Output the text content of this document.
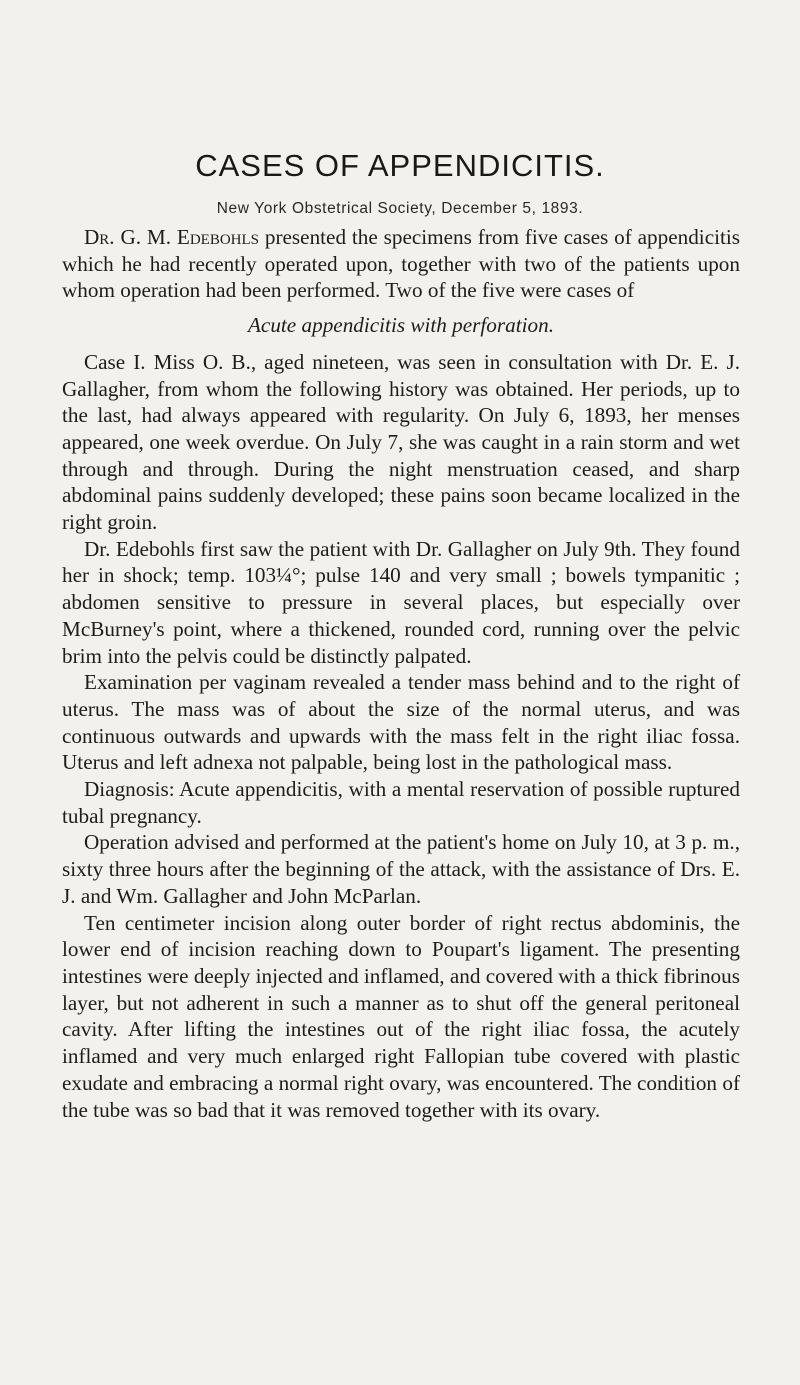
CASES OF APPENDICITIS.
New York Obstetrical Society, December 5, 1893.

Dr. G. M. Edebohls presented the specimens from five cases of appendicitis which he had recently operated upon, together with two of the patients upon whom operation had been performed. Two of the five were cases of

Acute appendicitis with perforation.

Case I. Miss O. B., aged nineteen, was seen in consultation with Dr. E. J. Gallagher, from whom the following history was obtained. Her periods, up to the last, had always appeared with regularity. On July 6, 1893, her menses appeared, one week overdue. On July 7, she was caught in a rain storm and wet through and through. During the night menstruation ceased, and sharp abdominal pains suddenly developed; these pains soon became localized in the right groin.

Dr. Edebohls first saw the patient with Dr. Gallagher on July 9th. They found her in shock; temp. 103¼°; pulse 140 and very small ; bowels tympanitic ; abdomen sensitive to pressure in several places, but especially over McBurney's point, where a thickened, rounded cord, running over the pelvic brim into the pelvis could be distinctly palpated.

Examination per vaginam revealed a tender mass behind and to the right of uterus. The mass was of about the size of the normal uterus, and was continuous outwards and upwards with the mass felt in the right iliac fossa. Uterus and left adnexa not palpable, being lost in the pathological mass.

Diagnosis: Acute appendicitis, with a mental reservation of possible ruptured tubal pregnancy.

Operation advised and performed at the patient's home on July 10, at 3 p. m., sixty three hours after the beginning of the attack, with the assistance of Drs. E. J. and Wm. Gallagher and John McParlan.

Ten centimeter incision along outer border of right rectus abdominis, the lower end of incision reaching down to Poupart's ligament. The presenting intestines were deeply injected and inflamed, and covered with a thick fibrinous layer, but not adherent in such a manner as to shut off the general peritoneal cavity. After lifting the intestines out of the right iliac fossa, the acutely inflamed and very much enlarged right Fallopian tube covered with plastic exudate and embracing a normal right ovary, was encountered. The condition of the tube was so bad that it was removed together with its ovary.
